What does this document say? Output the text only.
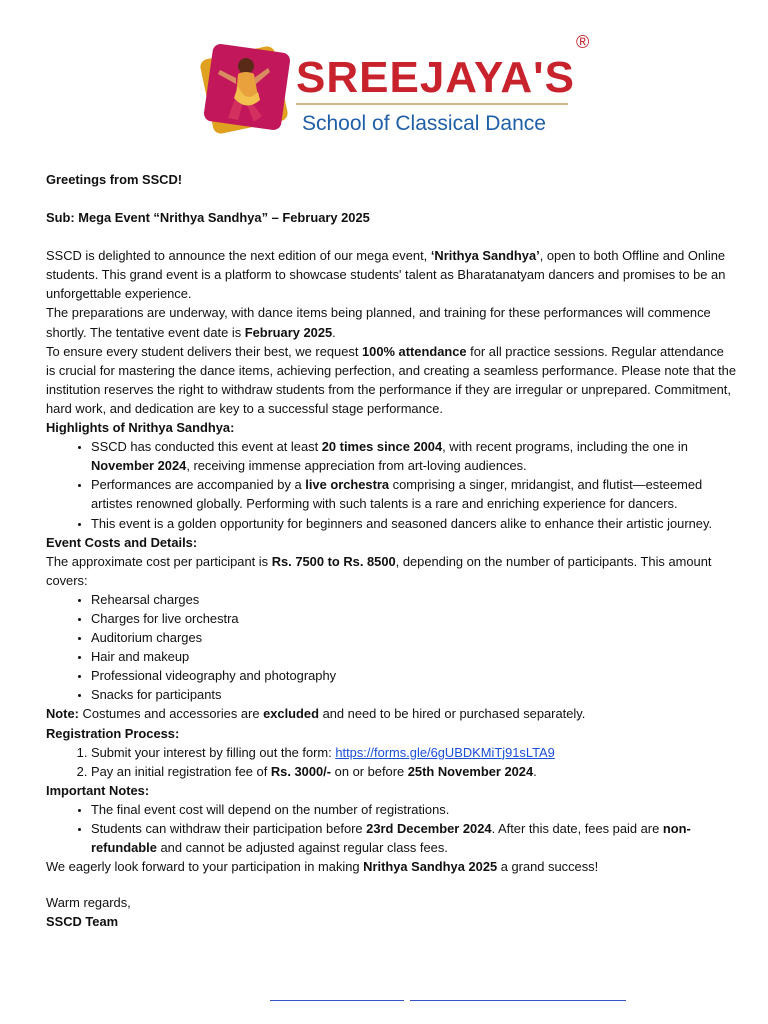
SREEJAYA'S
School of Classical Dance
®

Greetings from SSCD!

Sub: Mega Event “Nrithya Sandhya” – February 2025

SSCD is delighted to announce the next edition of our mega event, ‘Nrithya Sandhya’, open to both Offline and Online students. This grand event is a platform to showcase students' talent as Bharatanatyam dancers and promises to be an unforgettable experience.

The preparations are underway, with dance items being planned, and training for these performances will commence shortly. The tentative event date is February 2025.

To ensure every student delivers their best, we request 100% attendance for all practice sessions. Regular attendance is crucial for mastering the dance items, achieving perfection, and creating a seamless performance. Please note that the institution reserves the right to withdraw students from the performance if they are irregular or unprepared. Commitment, hard work, and dedication are key to a successful stage performance.

Highlights of Nrithya Sandhya:

• SSCD has conducted this event at least 20 times since 2004, with recent programs, including the one in November 2024, receiving immense appreciation from art-loving audiences.
• Performances are accompanied by a live orchestra comprising a singer, mridangist, and flutist—esteemed artistes renowned globally. Performing with such talents is a rare and enriching experience for dancers.
• This event is a golden opportunity for beginners and seasoned dancers alike to enhance their artistic journey.

Event Costs and Details:

The approximate cost per participant is Rs. 7500 to Rs. 8500, depending on the number of participants. This amount covers:

• Rehearsal charges
• Charges for live orchestra
• Auditorium charges
• Hair and makeup
• Professional videography and photography
• Snacks for participants

Note: Costumes and accessories are excluded and need to be hired or purchased separately.

Registration Process:

1. Submit your interest by filling out the form: https://forms.gle/6gUBDKMiTj91sLTA9
2. Pay an initial registration fee of Rs. 3000/- on or before 25th November 2024.

Important Notes:

• The final event cost will depend on the number of registrations.
• Students can withdraw their participation before 23rd December 2024. After this date, fees paid are non-refundable and cannot be adjusted against regular class fees.

We eagerly look forward to your participation in making Nrithya Sandhya 2025 a grand success!

Warm regards,

SSCD Team
